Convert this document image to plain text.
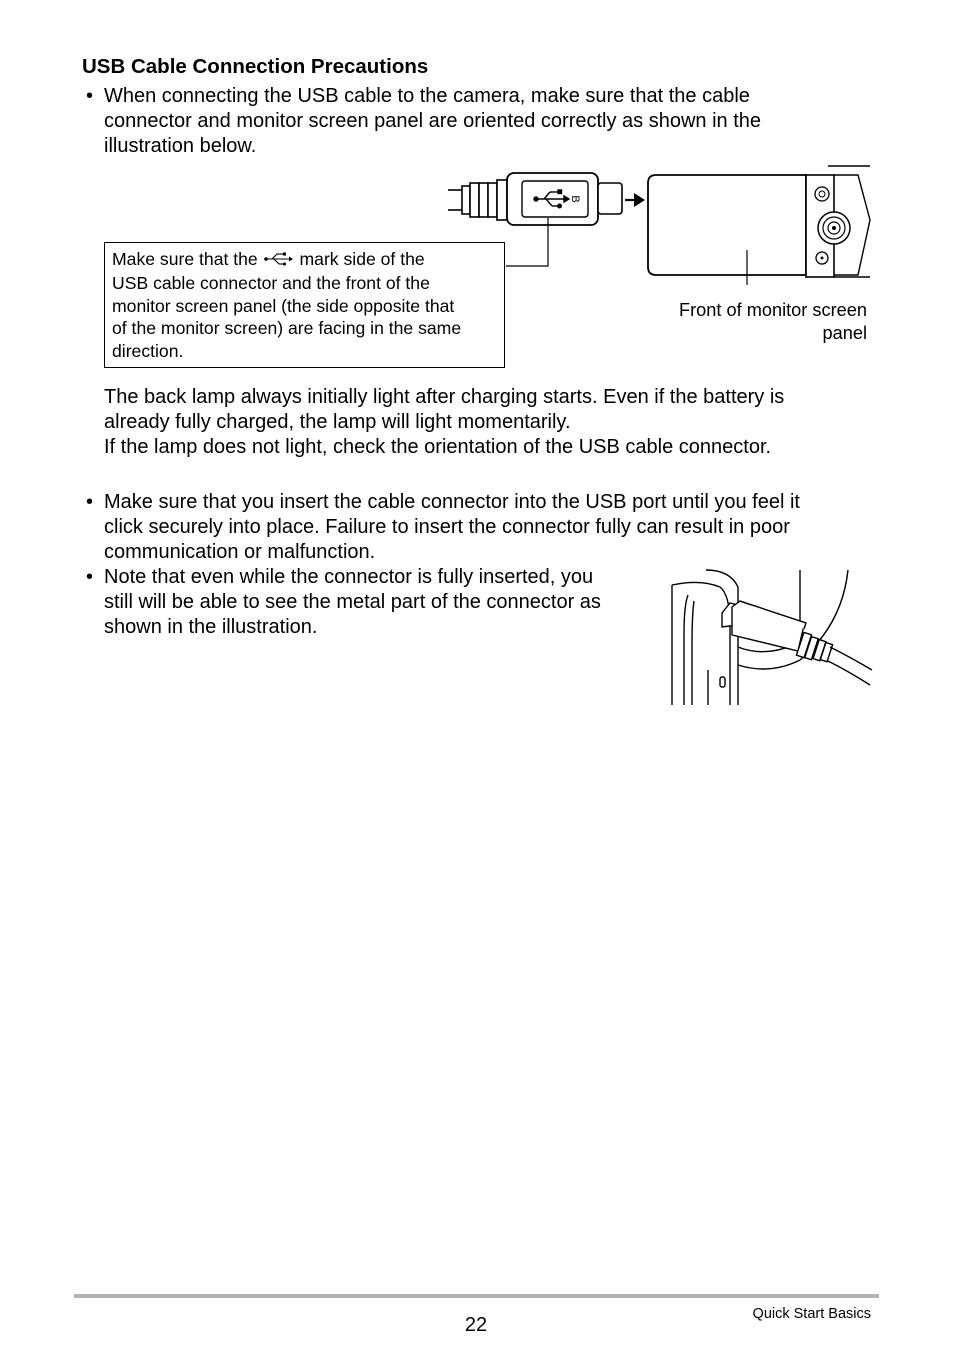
USB Cable Connection Precautions
• When connecting the USB cable to the camera, make sure that the cable

connector and monitor screen panel are oriented correctly as shown in the

illustration below.

B
Make sure that the mark side of the
USB cable connector and the front of the
monitor screen panel (the side opposite that
of the monitor screen) are facing in the same
direction.
Front of monitor screen
panel

The back lamp always initially light after charging starts. Even if the battery is

already fully charged, the lamp will light momentarily.

If the lamp does not light, check the orientation of the USB cable connector.

• Make sure that you insert the cable connector into the USB port until you feel it

click securely into place. Failure to insert the connector fully can result in poor

communication or malfunction.

• Note that even while the connector is fully inserted, you

still will be able to see the metal part of the connector as

shown in the illustration.

22	Quick Start Basics
